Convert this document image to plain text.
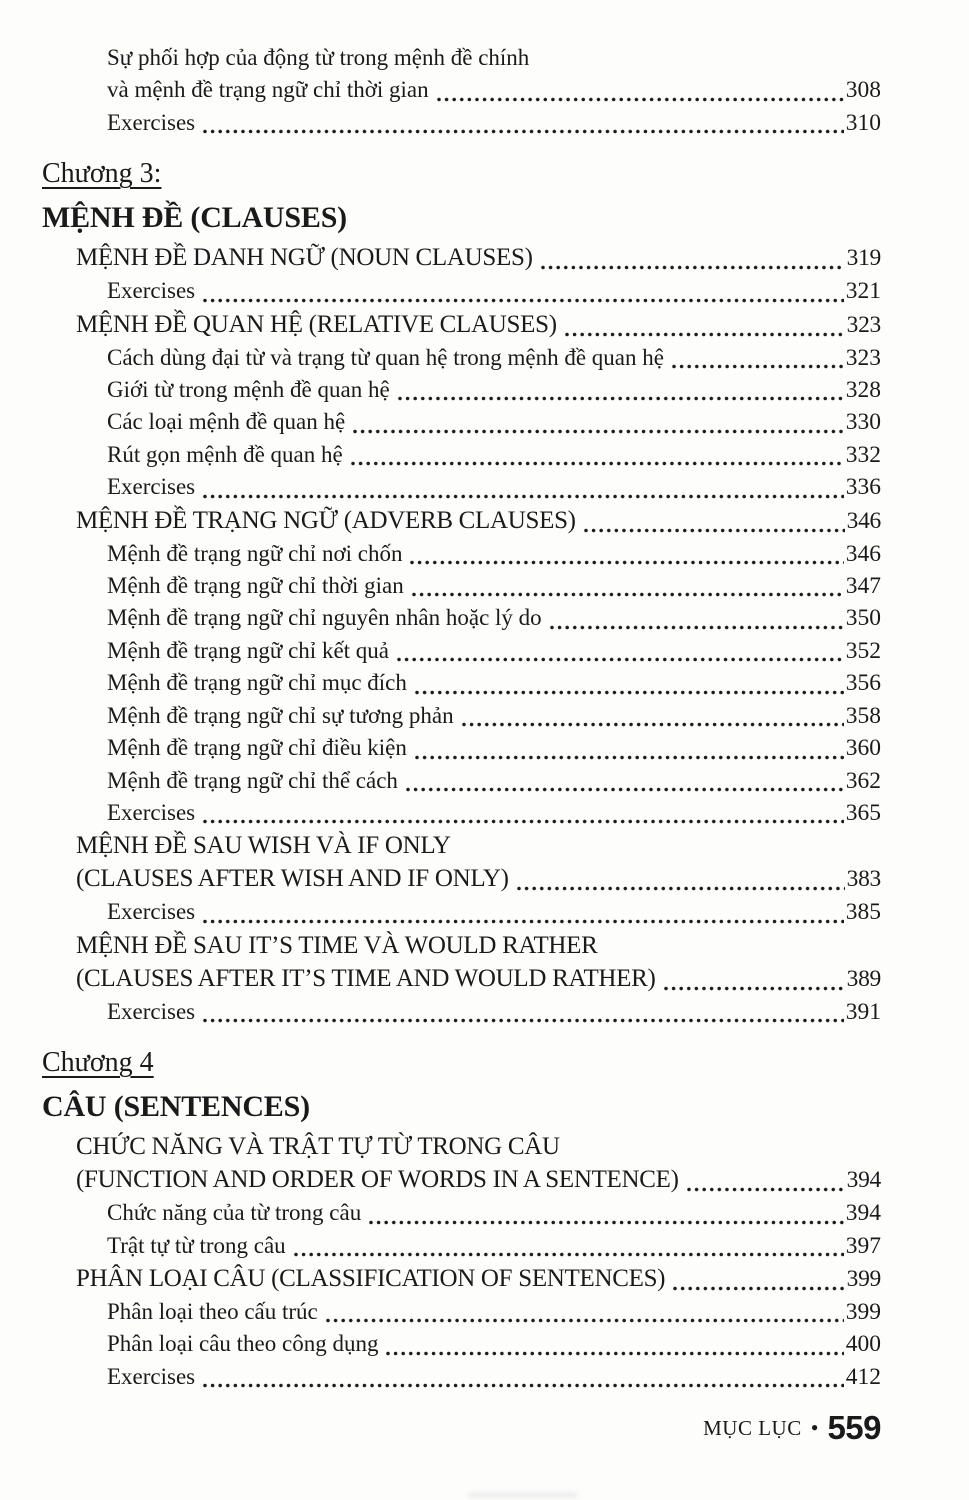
Sự phối hợp của động từ trong mệnh đề chính
và mệnh đề trạng ngữ chỉ thời gian	308
Exercises	310
Chương 3:
MỆNH ĐỀ (CLAUSES)
MỆNH ĐỀ DANH NGỮ (NOUN CLAUSES)	319
Exercises	321
MỆNH ĐỀ QUAN HỆ (RELATIVE CLAUSES)	323
Cách dùng đại từ và trạng từ quan hệ trong mệnh đề quan hệ	323
Giới từ trong mệnh đề quan hệ	328
Các loại mệnh đề quan hệ	330
Rút gọn mệnh đề quan hệ	332
Exercises	336
MỆNH ĐỀ TRẠNG NGỮ (ADVERB CLAUSES)	346
Mệnh đề trạng ngữ chỉ nơi chốn	346
Mệnh đề trạng ngữ chỉ thời gian	347
Mệnh đề trạng ngữ chỉ nguyên nhân hoặc lý do	350
Mệnh đề trạng ngữ chỉ kết quả	352
Mệnh đề trạng ngữ chỉ mục đích	356
Mệnh đề trạng ngữ chỉ sự tương phản	358
Mệnh đề trạng ngữ chỉ điều kiện	360
Mệnh đề trạng ngữ chỉ thể cách	362
Exercises	365
MỆNH ĐỀ SAU WISH VÀ IF ONLY
(CLAUSES AFTER WISH AND IF ONLY)	383
Exercises	385
MỆNH ĐỀ SAU IT’S TIME VÀ WOULD RATHER
(CLAUSES AFTER IT’S TIME AND WOULD RATHER)	389
Exercises	391
Chương 4
CÂU (SENTENCES)
CHỨC NĂNG VÀ TRẬT TỰ TỪ TRONG CÂU
(FUNCTION AND ORDER OF WORDS IN A SENTENCE)	394
Chức năng của từ trong câu	394
Trật tự từ trong câu	397
PHÂN LOẠI CÂU (CLASSIFICATION OF SENTENCES)	399
Phân loại theo cấu trúc	399
Phân loại câu theo công dụng	400
Exercises	412
MỤC LỤC • 559
